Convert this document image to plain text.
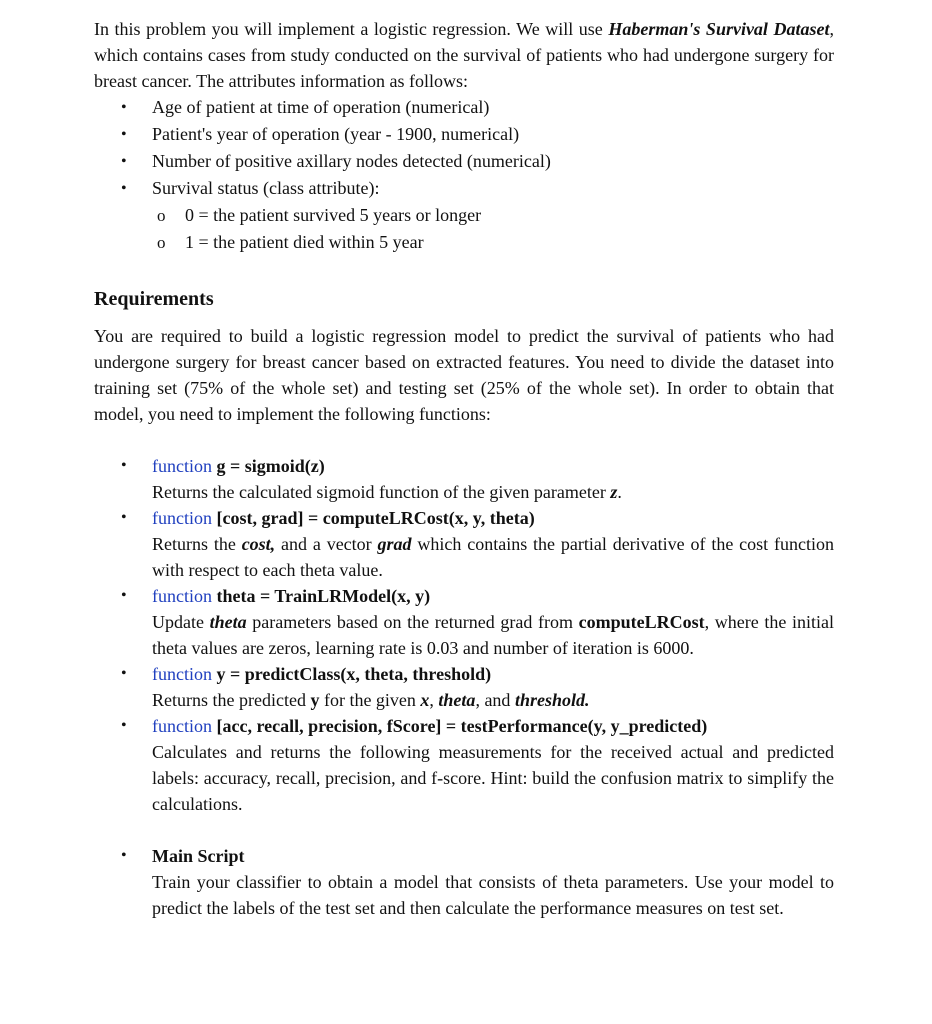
In this problem you will implement a logistic regression. We will use Haberman's Survival Dataset, which contains cases from study conducted on the survival of patients who had undergone surgery for breast cancer. The attributes information as follows:

• Age of patient at time of operation (numerical)
• Patient's year of operation (year - 1900, numerical)
• Number of positive axillary nodes detected (numerical)
• Survival status (class attribute):
o 0 = the patient survived 5 years or longer
o 1 = the patient died within 5 year

Requirements

You are required to build a logistic regression model to predict the survival of patients who had undergone surgery for breast cancer based on extracted features. You need to divide the dataset into training set (75% of the whole set) and testing set (25% of the whole set). In order to obtain that model, you need to implement the following functions:

• function g = sigmoid(z)
Returns the calculated sigmoid function of the given parameter z.
• function [cost, grad] = computeLRCost(x, y, theta)
Returns the cost, and a vector grad which contains the partial derivative of the cost function with respect to each theta value.
• function theta = TrainLRModel(x, y)
Update theta parameters based on the returned grad from computeLRCost, where the initial theta values are zeros, learning rate is 0.03 and number of iteration is 6000.
• function y = predictClass(x, theta, threshold)
Returns the predicted y for the given x, theta, and threshold.
• function [acc, recall, precision, fScore] = testPerformance(y, y_predicted)
Calculates and returns the following measurements for the received actual and predicted labels: accuracy, recall, precision, and f-score. Hint: build the confusion matrix to simplify the calculations.
• Main Script
Train your classifier to obtain a model that consists of theta parameters. Use your model to predict the labels of the test set and then calculate the performance measures on test set.
